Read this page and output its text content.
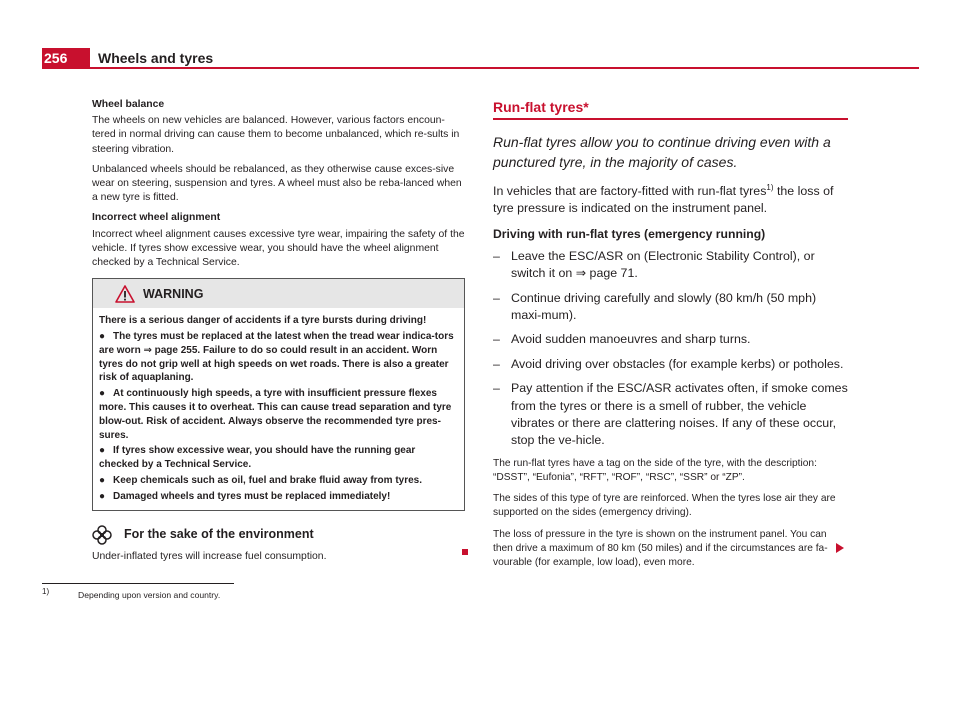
256	Wheels and tyres
Wheel balance

The wheels on new vehicles are balanced. However, various factors encoun-tered in normal driving can cause them to become unbalanced, which re-sults in steering vibration.

Unbalanced wheels should be rebalanced, as they otherwise cause exces-sive wear on steering, suspension and tyres. A wheel must also be reba-lanced when a new tyre is fitted.

Incorrect wheel alignment

Incorrect wheel alignment causes excessive tyre wear, impairing the safety of the vehicle. If tyres show excessive wear, you should have the wheel alignment checked by a Technical Service.

WARNING

There is a serious danger of accidents if a tyre bursts during driving!

● The tyres must be replaced at the latest when the tread wear indica-tors are worn ⇒ page 255. Failure to do so could result in an accident. Worn tyres do not grip well at high speeds on wet roads. There is also a greater risk of aquaplaning.
● At continuously high speeds, a tyre with insufficient pressure flexes more. This causes it to overheat. This can cause tread separation and tyre blow-out. Risk of accident. Always observe the recommended tyre pres-sures.
● If tyres show excessive wear, you should have the running gear checked by a Technical Service.
● Keep chemicals such as oil, fuel and brake fluid away from tyres.
● Damaged wheels and tyres must be replaced immediately!
For the sake of the environment
Under-inflated tyres will increase fuel consumption.
Run-flat tyres*
Run-flat tyres allow you to continue driving even with a punctured tyre, in the majority of cases.
In vehicles that are factory-fitted with run-flat tyres$^{1)}$ the loss of tyre pressure is indicated on the instrument panel.
Driving with run-flat tyres (emergency running)
– Leave the ESC/ASR on (Electronic Stability Control), or switch it on ⇒ page 71.
– Continue driving carefully and slowly (80 km/h (50 mph) maxi-mum).
– Avoid sudden manoeuvres and sharp turns.
– Avoid driving over obstacles (for example kerbs) or potholes.
– Pay attention if the ESC/ASR activates often, if smoke comes from the tyres or there is a smell of rubber, the vehicle vibrates or there are clattering noises. If any of these occur, stop the ve-hicle.
The run-flat tyres have a tag on the side of the tyre, with the description: “DSST”, “Eufonia”, “RFT”, “ROF”, “RSC”, “SSR” or “ZP”.
The sides of this type of tyre are reinforced. When the tyres lose air they are supported on the sides (emergency driving).
The loss of pressure in the tyre is shown on the instrument panel. You can then drive a maximum of 80 km (50 miles) and if the circumstances are fa-vourable (for example, low load), even more.
$^{1)}$	Depending upon version and country.
